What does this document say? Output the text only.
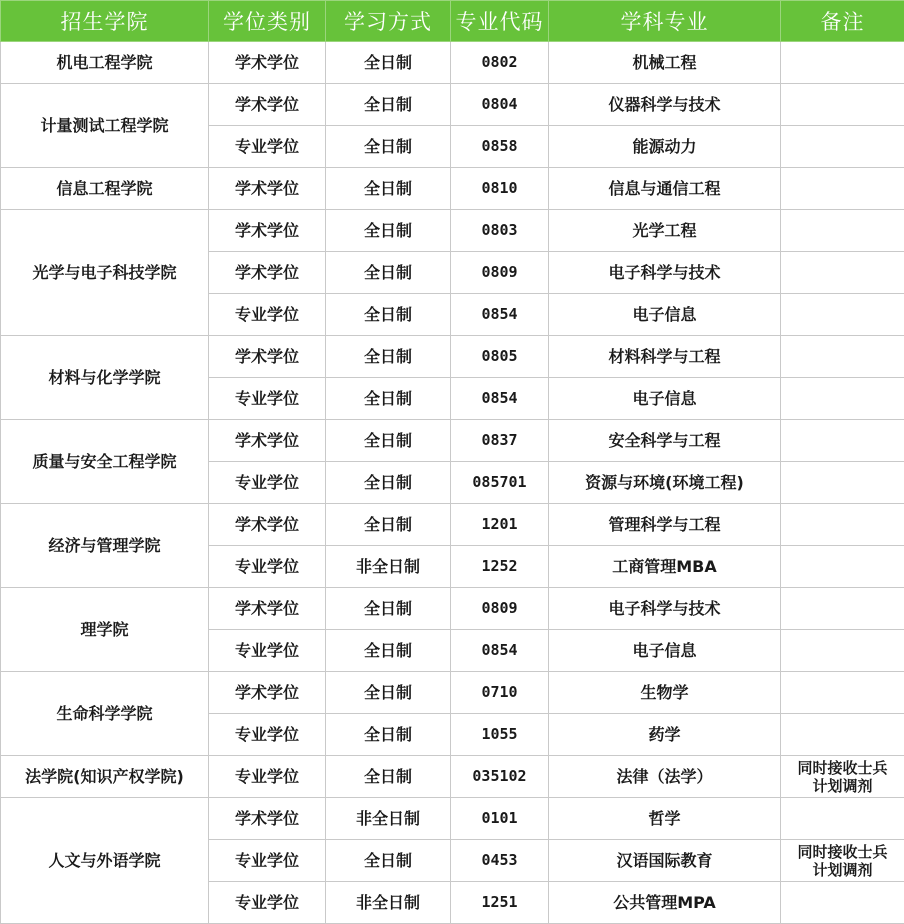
招生学院	学位类别	学习方式	专业代码	学科专业	备注
机电工程学院	学术学位	全日制	0802	机械工程	
计量测试工程学院	学术学位	全日制	0804	仪器科学与技术	
	专业学位	全日制	0858	能源动力	
信息工程学院	学术学位	全日制	0810	信息与通信工程	
光学与电子科技学院	学术学位	全日制	0803	光学工程	
	学术学位	全日制	0809	电子科学与技术	
	专业学位	全日制	0854	电子信息	
材料与化学学院	学术学位	全日制	0805	材料科学与工程	
	专业学位	全日制	0854	电子信息	
质量与安全工程学院	学术学位	全日制	0837	安全科学与工程	
	专业学位	全日制	085701	资源与环境(环境工程)	
经济与管理学院	学术学位	全日制	1201	管理科学与工程	
	专业学位	非全日制	1252	工商管理MBA	
理学院	学术学位	全日制	0809	电子科学与技术	
	专业学位	全日制	0854	电子信息	
生命科学学院	学术学位	全日制	0710	生物学	
	专业学位	全日制	1055	药学	
法学院(知识产权学院)	专业学位	全日制	035102	法律（法学）	同时接收士兵
计划调剂
人文与外语学院	学术学位	非全日制	0101	哲学	
	专业学位	全日制	0453	汉语国际教育	同时接收士兵
计划调剂
	专业学位	非全日制	1251	公共管理MPA	
